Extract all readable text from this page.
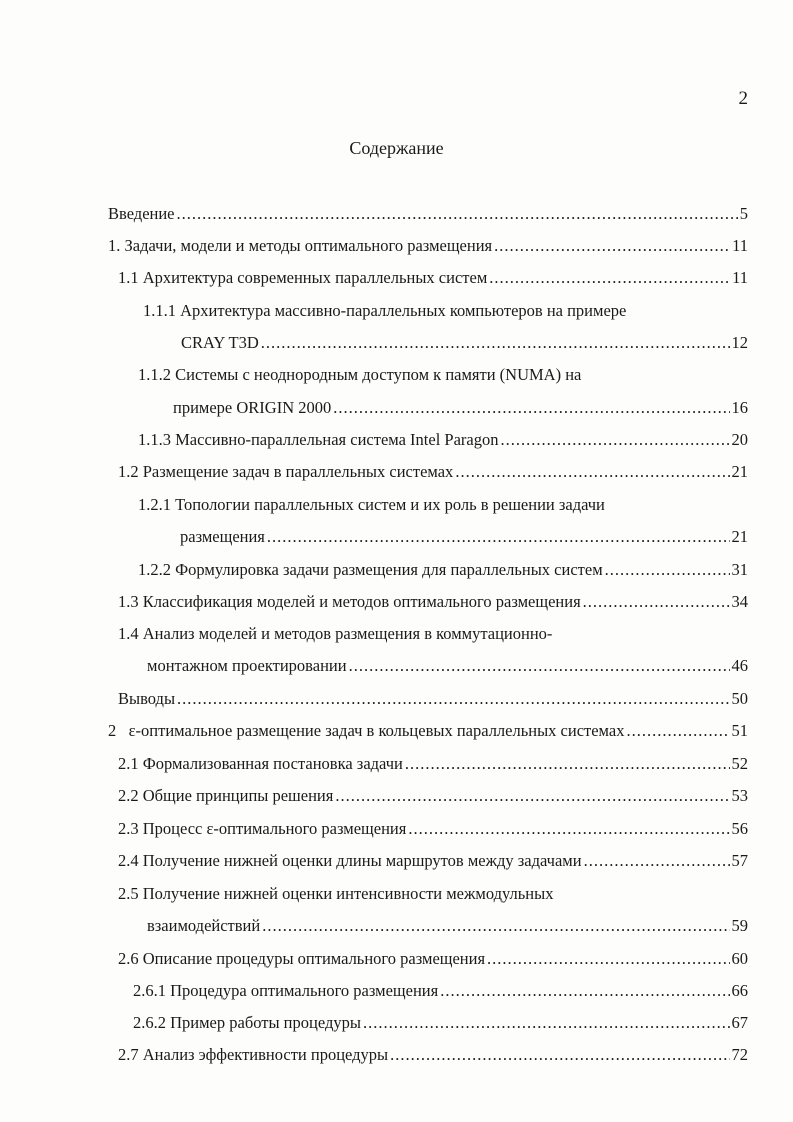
2
Содержание
Введение .....	5
1. Задачи, модели и методы оптимального размещения .....	11
1.1 Архитектура современных параллельных систем .....	11
1.1.1 Архитектура массивно-параллельных компьютеров на примере
CRAY T3D .....	12
1.1.2 Системы с неоднородным доступом к памяти (NUMA) на
примере ORIGIN 2000 .....	16
1.1.3 Массивно-параллельная система Intel Paragon .....	20
1.2 Размещение задач в параллельных системах .....	21
1.2.1 Топологии параллельных систем и их роль в решении задачи
размещения .....	21
1.2.2 Формулировка задачи размещения для параллельных систем .....	31
1.3 Классификация моделей и методов оптимального размещения .....	34
1.4 Анализ моделей и методов размещения в коммутационно-
монтажном проектировании .....	46
Выводы .....	50
2   ε-оптимальное размещение задач в кольцевых параллельных системах .....	51
2.1 Формализованная постановка задачи .....	52
2.2 Общие принципы решения .....	53
2.3 Процесс ε-оптимального размещения .....	56
2.4 Получение нижней оценки длины маршрутов между задачами .....	57
2.5 Получение нижней оценки интенсивности межмодульных
взаимодействий .....	59
2.6 Описание процедуры оптимального размещения .....	60
2.6.1 Процедура оптимального размещения .....	66
2.6.2 Пример работы процедуры .....	67
2.7 Анализ эффективности процедуры .....	72
